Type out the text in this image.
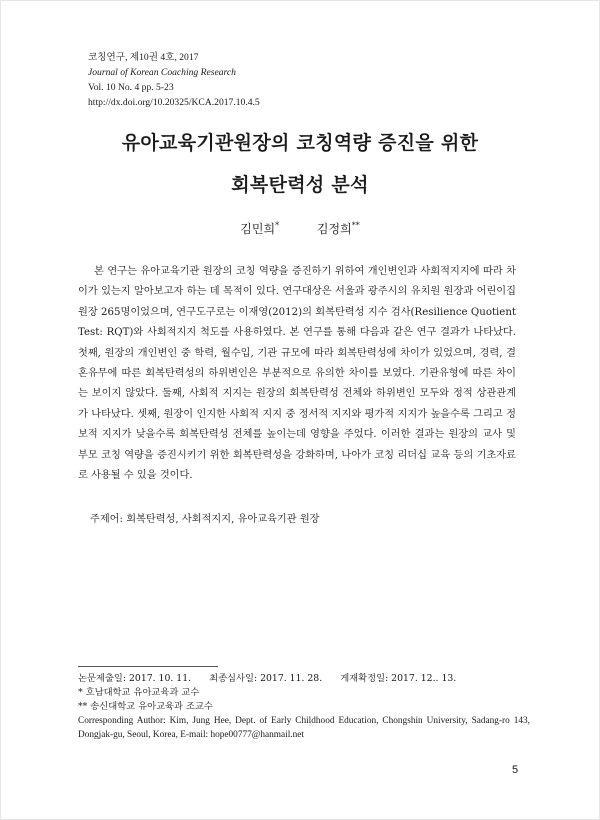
코칭연구, 제10권 4호, 2017
Journal of Korean Coaching Research
Vol. 10 No. 4 pp. 5-23
http://dx.doi.org/10.20325/KCA.2017.10.4.5
유아교육기관원장의 코칭역량 증진을 위한
회복탄력성 분석
김민희*	김정희**

본 연구는 유아교육기관 원장의 코칭 역량을 증진하기 위하여 개인변인과 사회적지지에 따라 차이가 있는지 알아보고자 하는 데 목적이 있다. 연구대상은 서울과 광주시의 유치원 원장과 어린이집 원장 265명이었으며, 연구도구로는 이재영(2012)의 회복탄력성 지수 검사(Resilience Quotient Test: RQT)와 사회적지지 척도를 사용하였다. 본 연구를 통해 다음과 같은 연구 결과가 나타났다. 첫째, 원장의 개인변인 중 학력, 월수입, 기관 규모에 따라 회복탄력성에 차이가 있었으며, 경력, 결혼유무에 따른 회복탄력성의 하위변인은 부분적으로 유의한 차이를 보였다. 기관유형에 따른 차이는 보이지 않았다. 둘째, 사회적 지지는 원장의 회복탄력성 전체와 하위변인 모두와 정적 상관관계가 나타났다. 셋째, 원장이 인지한 사회적 지지 중 정서적 지지와 평가적 지지가 높을수록 그리고 정보적 지지가 낮을수록 회복탄력성 전체를 높이는데 영향을 주었다. 이러한 결과는 원장의 교사 및 부모 코칭 역량을 증진시키기 위한 회복탄력성을 강화하며, 나아가 코칭 리더십 교육 등의 기초자료로 사용될 수 있을 것이다.

주제어: 회복탄력성, 사회적지지, 유아교육기관 원장
논문제출일: 2017. 10. 11. 최종심사일: 2017. 11. 28. 게재확정일: 2017. 12.. 13.
* 호남대학교 유아교육과 교수
** 송신대학교 유아교육과 조교수
Corresponding Author: Kim, Jung Hee, Dept. of Early Childhood Education, Chongshin University, Sadang-ro 143, Dongjak-gu, Seoul, Korea, E-mail: hope00777@hanmail.net
5
